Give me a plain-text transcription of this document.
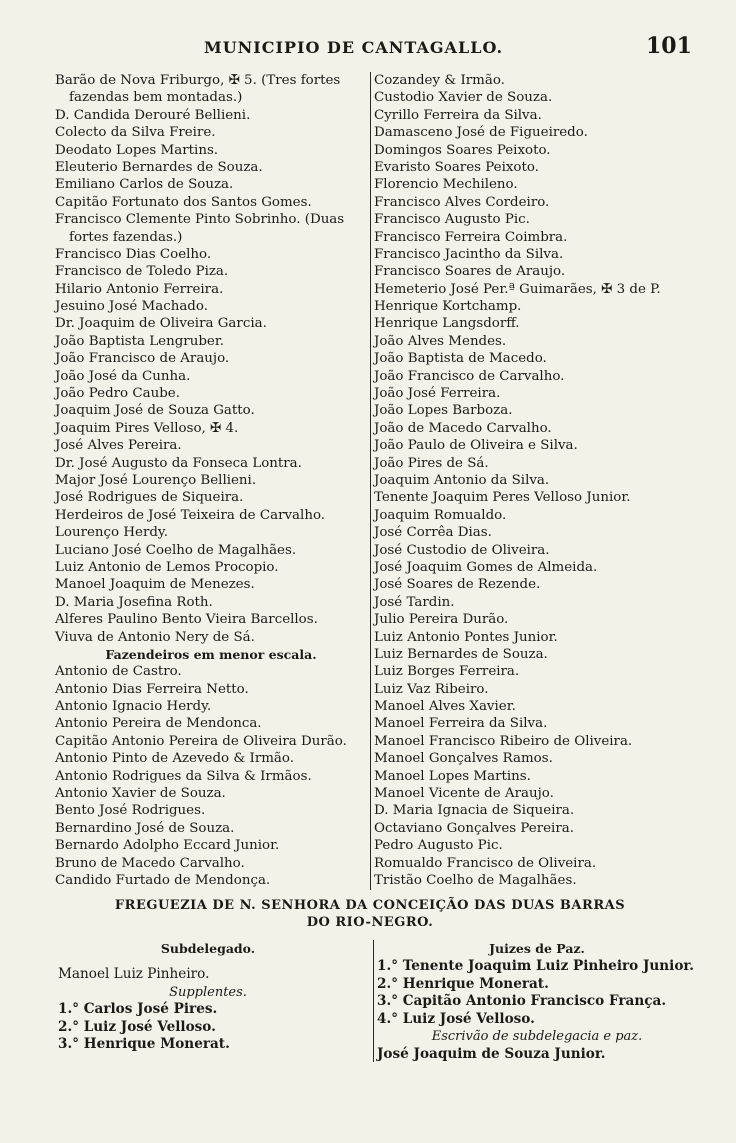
MUNICIPIO DE CANTAGALLO.	101
Barão de Nova Friburgo, ✠ 5. (Tres fortes
fazendas bem montadas.)
D. Candida Derouré Bellieni.
Colecto da Silva Freire.
Deodato Lopes Martins.
Eleuterio Bernardes de Souza.
Emiliano Carlos de Souza.
Capitão Fortunato dos Santos Gomes.
Francisco Clemente Pinto Sobrinho. (Duas
fortes fazendas.)
Francisco Dias Coelho.
Francisco de Toledo Piza.
Hilario Antonio Ferreira.
Jesuino José Machado.
Dr. Joaquim de Oliveira Garcia.
João Baptista Lengruber.
João Francisco de Araujo.
João José da Cunha.
João Pedro Caube.
Joaquim José de Souza Gatto.
Joaquim Pires Velloso, ✠ 4.
José Alves Pereira.
Dr. José Augusto da Fonseca Lontra.
Major José Lourenço Bellieni.
José Rodrigues de Siqueira.
Herdeiros de José Teixeira de Carvalho.
Lourenço Herdy.
Luciano José Coelho de Magalhães.
Luiz Antonio de Lemos Procopio.
Manoel Joaquim de Menezes.
D. Maria Josefina Roth.
Alferes Paulino Bento Vieira Barcellos.
Viuva de Antonio Nery de Sá.
Fazendeiros em menor escala.
Antonio de Castro.
Antonio Dias Ferreira Netto.
Antonio Ignacio Herdy.
Antonio Pereira de Mendonca.
Capitão Antonio Pereira de Oliveira Durão.
Antonio Pinto de Azevedo & Irmão.
Antonio Rodrigues da Silva & Irmãos.
Antonio Xavier de Souza.
Bento José Rodrigues.
Bernardino José de Souza.
Bernardo Adolpho Eccard Junior.
Bruno de Macedo Carvalho.
Candido Furtado de Mendonça.
Cozandey & Irmão.
Custodio Xavier de Souza.
Cyrillo Ferreira da Silva.
Damasceno José de Figueiredo.
Domingos Soares Peixoto.
Evaristo Soares Peixoto.
Florencio Mechileno.
Francisco Alves Cordeiro.
Francisco Augusto Pic.
Francisco Ferreira Coimbra.
Francisco Jacintho da Silva.
Francisco Soares de Araujo.
Hemeterio José Per.ª Guimarães, ✠ 3 de P.
Henrique Kortchamp.
Henrique Langsdorff.
João Alves Mendes.
João Baptista de Macedo.
João Francisco de Carvalho.
João José Ferreira.
João Lopes Barboza.
João de Macedo Carvalho.
João Paulo de Oliveira e Silva.
João Pires de Sá.
Joaquim Antonio da Silva.
Tenente Joaquim Peres Velloso Junior.
Joaquim Romualdo.
José Corrêa Dias.
José Custodio de Oliveira.
José Joaquim Gomes de Almeida.
José Soares de Rezende.
José Tardin.
Julio Pereira Durão.
Luiz Antonio Pontes Junior.
Luiz Bernardes de Souza.
Luiz Borges Ferreira.
Luiz Vaz Ribeiro.
Manoel Alves Xavier.
Manoel Ferreira da Silva.
Manoel Francisco Ribeiro de Oliveira.
Manoel Gonçalves Ramos.
Manoel Lopes Martins.
Manoel Vicente de Araujo.
D. Maria Ignacia de Siqueira.
Octaviano Gonçalves Pereira.
Pedro Augusto Pic.
Romualdo Francisco de Oliveira.
Tristão Coelho de Magalhães.
FREGUEZIA DE N. SENHORA DA CONCEIÇÃO DAS DUAS BARRAS
DO RIO-NEGRO.
Subdelegado.
Manoel Luiz Pinheiro.
Supplentes.
1.° Carlos José Pires.
2.° Luiz José Velloso.
3.° Henrique Monerat.
Juizes de Paz.
1.° Tenente Joaquim Luiz Pinheiro Junior.
2.° Henrique Monerat.
3.° Capitão Antonio Francisco França.
4.° Luiz José Velloso.
Escrivão de subdelegacia e paz.
José Joaquim de Souza Junior.
